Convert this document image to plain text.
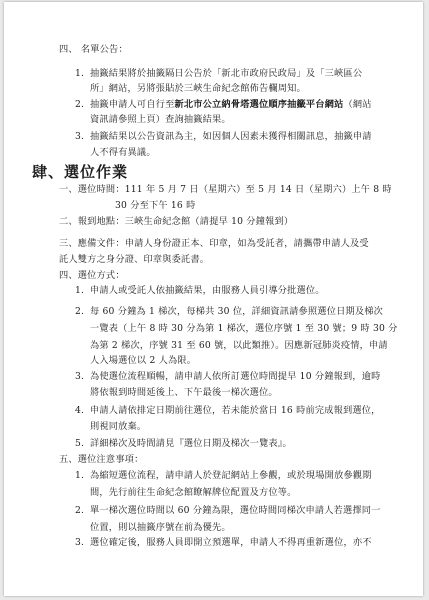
四、 名單公告：
1. 抽籤結果將於抽籤隔日公告於「新北市政府民政局」及「三峽區公
所」網站，另將張貼於三峽生命紀念館佈告欄周知。
2. 抽籤申請人可自行至新北市公立納骨塔選位順序抽籤平台網站（網站
資訊請參照上頁）查詢抽籤結果。
3. 抽籤結果以公告資訊為主，如因個人因素未獲得相關訊息，抽籤申請
人不得有異議。
肆、選位作業
一、選位時間：111 年 5 月 7 日（星期六）至 5 月 14 日（星期六）上午 8 時
30 分至下午 16 時
二、報到地點：三峽生命紀念館（請提早 10 分鐘報到）
三、應備文件：申請人身份證正本、印章，如為受託者，請攜帶申請人及受
託人雙方之身分證、印章與委託書。
四、選位方式：
1. 申請人或受託人依抽籤結果，由服務人員引導分批選位。
2. 每 60 分鐘為 1 梯次，每梯共 30 位，詳細資訊請參照選位日期及梯次
一覽表（上午 8 時 30 分為第 1 梯次，選位序號 1 至 30 號；9 時 30 分
為第 2 梯次，序號 31 至 60 號，以此類推）。因應新冠肺炎疫情，申請
人入場選位以 2 人為限。
3. 為使選位流程順暢，請申請人依所訂選位時間提早 10 分鐘報到，逾時
將依報到時間延後上、下午最後一梯次選位。
4. 申請人請依排定日期前往選位，若未能於當日 16 時前完成報到選位，
則視同放棄。
5. 詳細梯次及時間請見『選位日期及梯次一覽表』。
五、選位注意事項：
1. 為縮短選位流程，請申請人於登記網站上參觀，或於現場開放參觀期
間，先行前往生命紀念館瞭解牌位配置及方位等。
2. 單一梯次選位時間以 60 分鐘為限，選位時間同梯次申請人若選擇同一
位置，則以抽籤序號在前為優先。
3. 選位確定後，服務人員即開立預選單，申請人不得再重新選位，亦不
